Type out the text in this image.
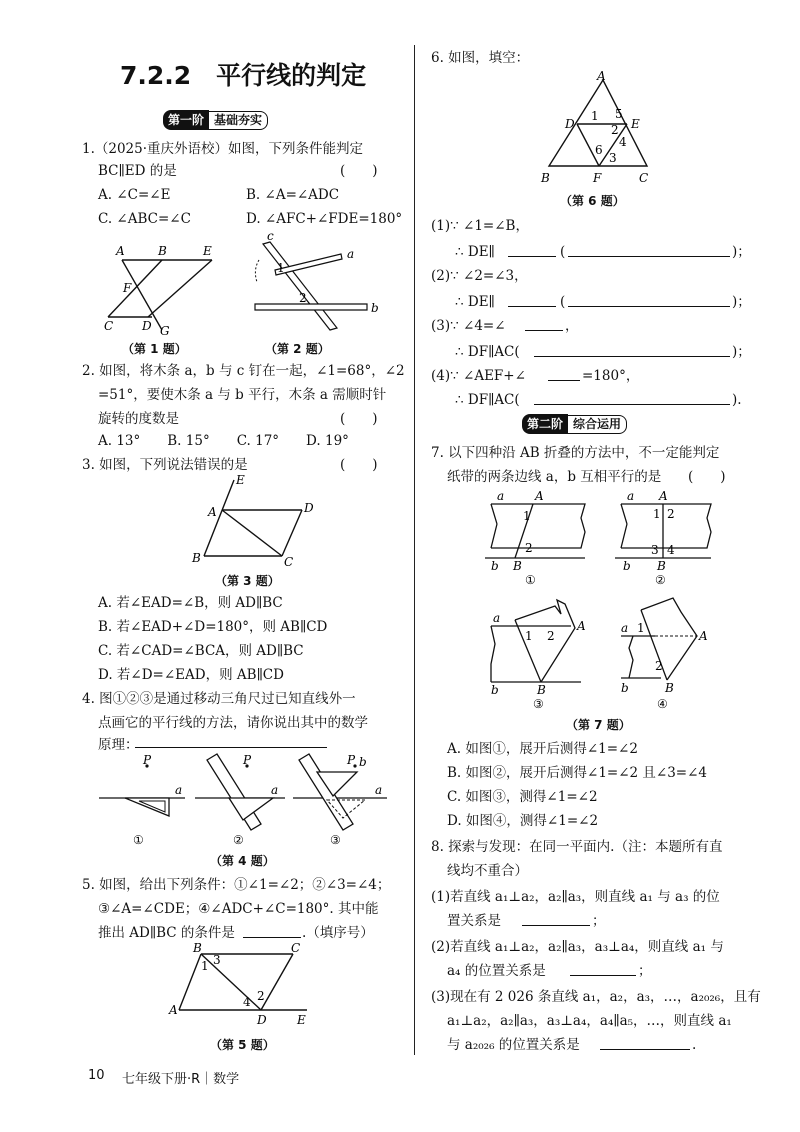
7.2.2　平行线的判定
第一阶 基础夯实
1.（2025·重庆外语校）如图，下列条件能判定
BC∥ED 的是	(　　)
A. ∠C=∠E	B. ∠A=∠ADC
C. ∠ABC=∠C	D. ∠AFC+∠FDE=180°
A	B	E
F
C D G
（第 1 题）
c
a
b
1
2
（第 2 题）
2. 如图，将木条 a，b 与 c 钉在一起，∠1=68°，∠2
=51°，要使木条 a 与 b 平行，木条 a 需顺时针
旋转的度数是	(　　)
A. 13°　　B. 15°　　C. 17°　　D. 19°
3. 如图，下列说法错误的是	(　　)
E
A	D
B	C
（第 3 题）
A. 若∠EAD=∠B，则 AD∥BC
B. 若∠EAD+∠D=180°，则 AB∥CD
C. 若∠CAD=∠BCA，则 AD∥BC
D. 若∠D=∠EAD，则 AB∥CD
4. 图①②③是通过移动三角尺过已知直线外一
点画它的平行线的方法，请你说出其中的数学
原理：
P
a
①
P
a
②
P b
a
③
（第 4 题）
5. 如图，给出下列条件：①∠1=∠2；②∠3=∠4；
③∠A=∠CDE；④∠ADC+∠C=180°. 其中能
推出 AD∥BC 的条件是	.（填序号）
B	C
A
D	E
1 3
4 2
（第 5 题）
6. 如图，填空：
A
D	E
B	F	C
1 5
2
4
6
3
（第 6 题）
(1)∵ ∠1=∠B，
∴ DE∥	(	)；
(2)∵ ∠2=∠3，
∴ DE∥	(	)；
(3)∵ ∠4=∠	，
∴ DF∥AC(	)；
(4)∵ ∠AEF+∠	=180°，
∴ DF∥AC(	).
第二阶 综合运用
7. 以下四种沿 AB 折叠的方法中，不一定能判定
纸带的两条边线 a，b 互相平行的是 (　　)
a	A
b B
1
2
①
a A
b B
1 2
3 4
②
a
A
b	B
1 2
③
a
A
b	B
1
2
④
（第 7 题）
A. 如图①，展开后测得∠1=∠2
B. 如图②，展开后测得∠1=∠2 且∠3=∠4
C. 如图③，测得∠1=∠2
D. 如图④，测得∠1=∠2
8. 探索与发现：在同一平面内.（注：本题所有直
线均不重合）
(1)若直线 a₁⊥a₂，a₂∥a₃，则直线 a₁ 与 a₃ 的位
置关系是	；
(2)若直线 a₁⊥a₂，a₂∥a₃，a₃⊥a₄，则直线 a₁ 与
a₄ 的位置关系是	；
(3)现在有 2 026 条直线 a₁，a₂，a₃，…，a₂₀₂₆，且有
a₁⊥a₂，a₂∥a₃，a₃⊥a₄，a₄∥a₅，…，则直线 a₁
与 a₂₀₂₆ 的位置关系是	.
10 七年级下册·R｜数学
